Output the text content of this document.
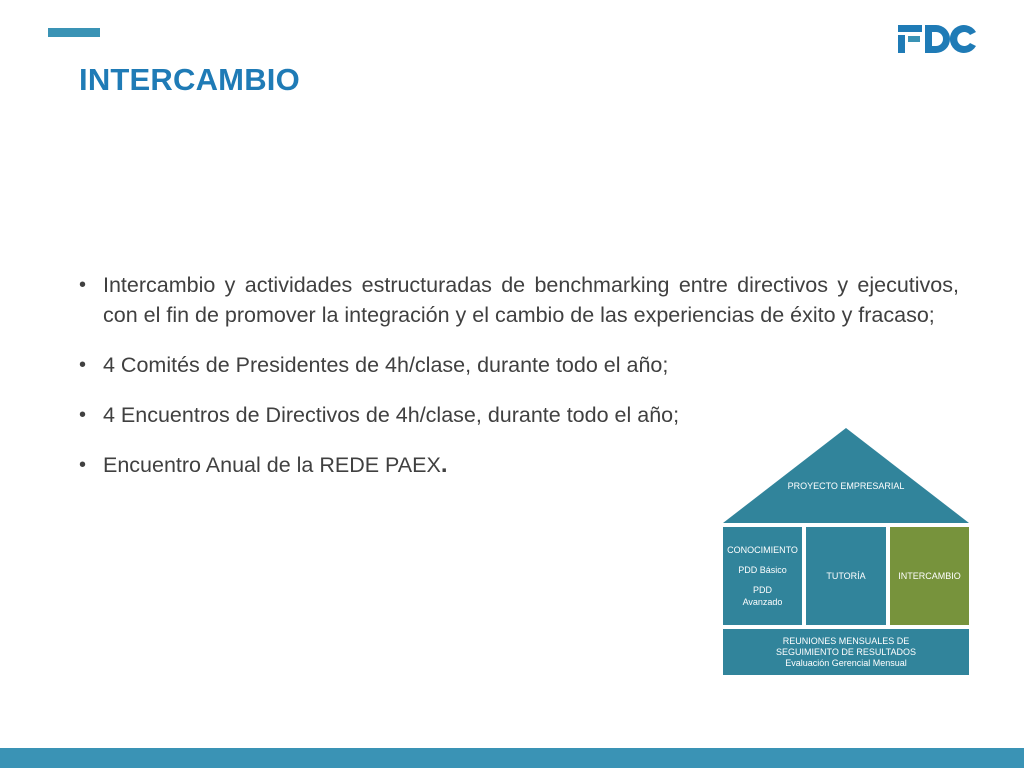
INTERCAMBIO
• Intercambio y actividades estructuradas de benchmarking entre directivos y ejecutivos, con el fin de promover la integración y el cambio de las experiencias de éxito y fracaso;
• 4 Comités de Presidentes de 4h/clase, durante todo el año;
• 4 Encuentros de Directivos de 4h/clase, durante todo el año;
• Encuentro Anual de la REDE PAEX.
PROYECTO EMPRESARIAL
CONOCIMIENTO
PDD Básico
PDD
Avanzado
TUTORÍA	INTERCAMBIO
REUNIONES MENSUALES DE
SEGUIMIENTO DE RESULTADOS
Evaluación Gerencial Mensual
